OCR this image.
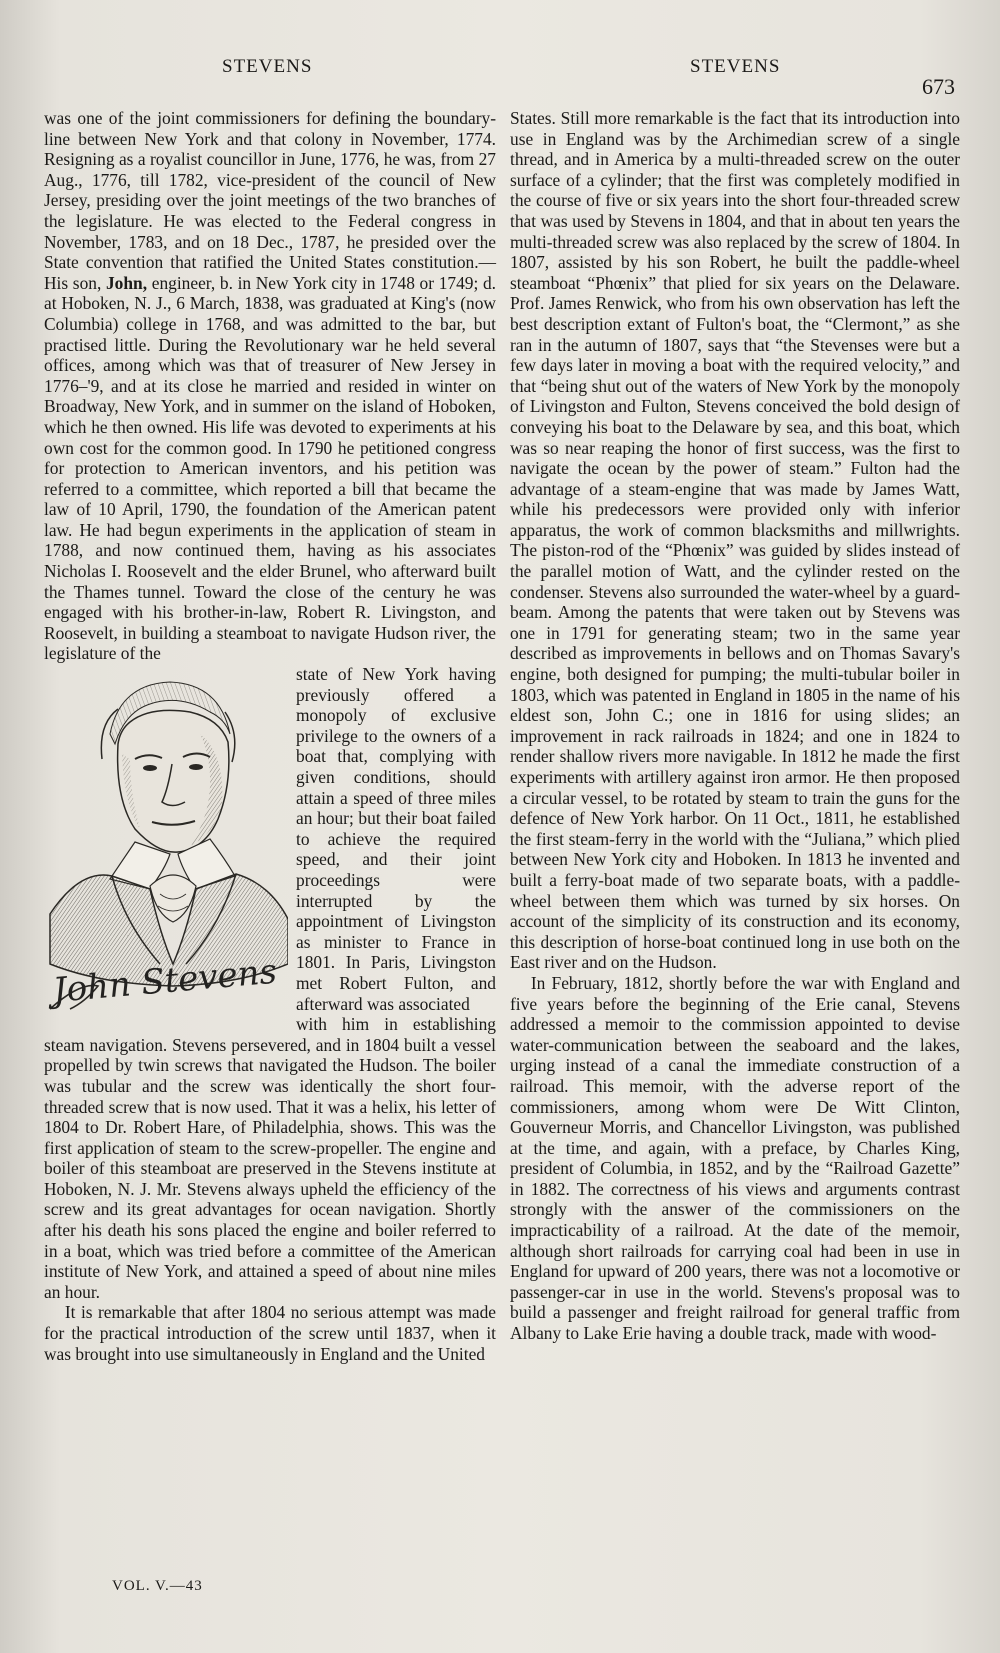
STEVENS	STEVENS
673

was one of the joint commissioners for defining the boundary-line between New York and that colony in November, 1774. Resigning as a royalist councillor in June, 1776, he was, from 27 Aug., 1776, till 1782, vice-president of the council of New Jersey, presiding over the joint meetings of the two branches of the legislature. He was elected to the Federal congress in November, 1783, and on 18 Dec., 1787, he presided over the State convention that ratified the United States constitution.—His son, John, engineer, b. in New York city in 1748 or 1749; d. at Hoboken, N. J., 6 March, 1838, was graduated at King's (now Columbia) college in 1768, and was admitted to the bar, but practised little. During the Revolutionary war he held several offices, among which was that of treasurer of New Jersey in 1776–'9, and at its close he married and resided in winter on Broadway, New York, and in summer on the island of Hoboken, which he then owned. His life was devoted to experiments at his own cost for the common good. In 1790 he petitioned congress for protection to American inventors, and his petition was referred to a committee, which reported a bill that became the law of 10 April, 1790, the foundation of the American patent law. He had begun experiments in the application of steam in 1788, and now continued them, having as his associates Nicholas I. Roosevelt and the elder Brunel, who afterward built the Thames tunnel. Toward the close of the century he was engaged with his brother-in-law, Robert R. Livingston, and Roosevelt, in building a steamboat to navigate Hudson river, the legislature of the

John Stevens

state of New York having previously offered a monopoly of exclusive privilege to the owners of a boat that, complying with given conditions, should attain a speed of three miles an hour; but their boat failed to achieve the required speed, and their joint proceedings were interrupted by the appointment of Livingston as minister to France in 1801. In Paris, Livingston met Robert Fulton, and afterward was associated

with him in establishing steam navigation. Stevens persevered, and in 1804 built a vessel propelled by twin screws that navigated the Hudson. The boiler was tubular and the screw was identically the short four-threaded screw that is now used. That it was a helix, his letter of 1804 to Dr. Robert Hare, of Philadelphia, shows. This was the first application of steam to the screw-propeller. The engine and boiler of this steamboat are preserved in the Stevens institute at Hoboken, N. J. Mr. Stevens always upheld the efficiency of the screw and its great advantages for ocean navigation. Shortly after his death his sons placed the engine and boiler referred to in a boat, which was tried before a committee of the American institute of New York, and attained a speed of about nine miles an hour.

It is remarkable that after 1804 no serious attempt was made for the practical introduction of the screw until 1837, when it was brought into use simultaneously in England and the United

States. Still more remarkable is the fact that its introduction into use in England was by the Archimedian screw of a single thread, and in America by a multi-threaded screw on the outer surface of a cylinder; that the first was completely modified in the course of five or six years into the short four-threaded screw that was used by Stevens in 1804, and that in about ten years the multi-threaded screw was also replaced by the screw of 1804. In 1807, assisted by his son Robert, he built the paddle-wheel steamboat “Phœnix” that plied for six years on the Delaware. Prof. James Renwick, who from his own observation has left the best description extant of Fulton's boat, the “Clermont,” as she ran in the autumn of 1807, says that “the Stevenses were but a few days later in moving a boat with the required velocity,” and that “being shut out of the waters of New York by the monopoly of Livingston and Fulton, Stevens conceived the bold design of conveying his boat to the Delaware by sea, and this boat, which was so near reaping the honor of first success, was the first to navigate the ocean by the power of steam.” Fulton had the advantage of a steam-engine that was made by James Watt, while his predecessors were provided only with inferior apparatus, the work of common blacksmiths and millwrights. The piston-rod of the “Phœnix” was guided by slides instead of the parallel motion of Watt, and the cylinder rested on the condenser. Stevens also surrounded the water-wheel by a guard-beam. Among the patents that were taken out by Stevens was one in 1791 for generating steam; two in the same year described as improvements in bellows and on Thomas Savary's engine, both designed for pumping; the multi-tubular boiler in 1803, which was patented in England in 1805 in the name of his eldest son, John C.; one in 1816 for using slides; an improvement in rack railroads in 1824; and one in 1824 to render shallow rivers more navigable. In 1812 he made the first experiments with artillery against iron armor. He then proposed a circular vessel, to be rotated by steam to train the guns for the defence of New York harbor. On 11 Oct., 1811, he established the first steam-ferry in the world with the “Juliana,” which plied between New York city and Hoboken. In 1813 he invented and built a ferry-boat made of two separate boats, with a paddle-wheel between them which was turned by six horses. On account of the simplicity of its construction and its economy, this description of horse-boat continued long in use both on the East river and on the Hudson.

In February, 1812, shortly before the war with England and five years before the beginning of the Erie canal, Stevens addressed a memoir to the commission appointed to devise water-communication between the seaboard and the lakes, urging instead of a canal the immediate construction of a railroad. This memoir, with the adverse report of the commissioners, among whom were De Witt Clinton, Gouverneur Morris, and Chancellor Livingston, was published at the time, and again, with a preface, by Charles King, president of Columbia, in 1852, and by the “Railroad Gazette” in 1882. The correctness of his views and arguments contrast strongly with the answer of the commissioners on the impracticability of a railroad. At the date of the memoir, although short railroads for carrying coal had been in use in England for upward of 200 years, there was not a locomotive or passenger-car in use in the world. Stevens's proposal was to build a passenger and freight railroad for general traffic from Albany to Lake Erie having a double track, made with wood-

VOL. V.—43
